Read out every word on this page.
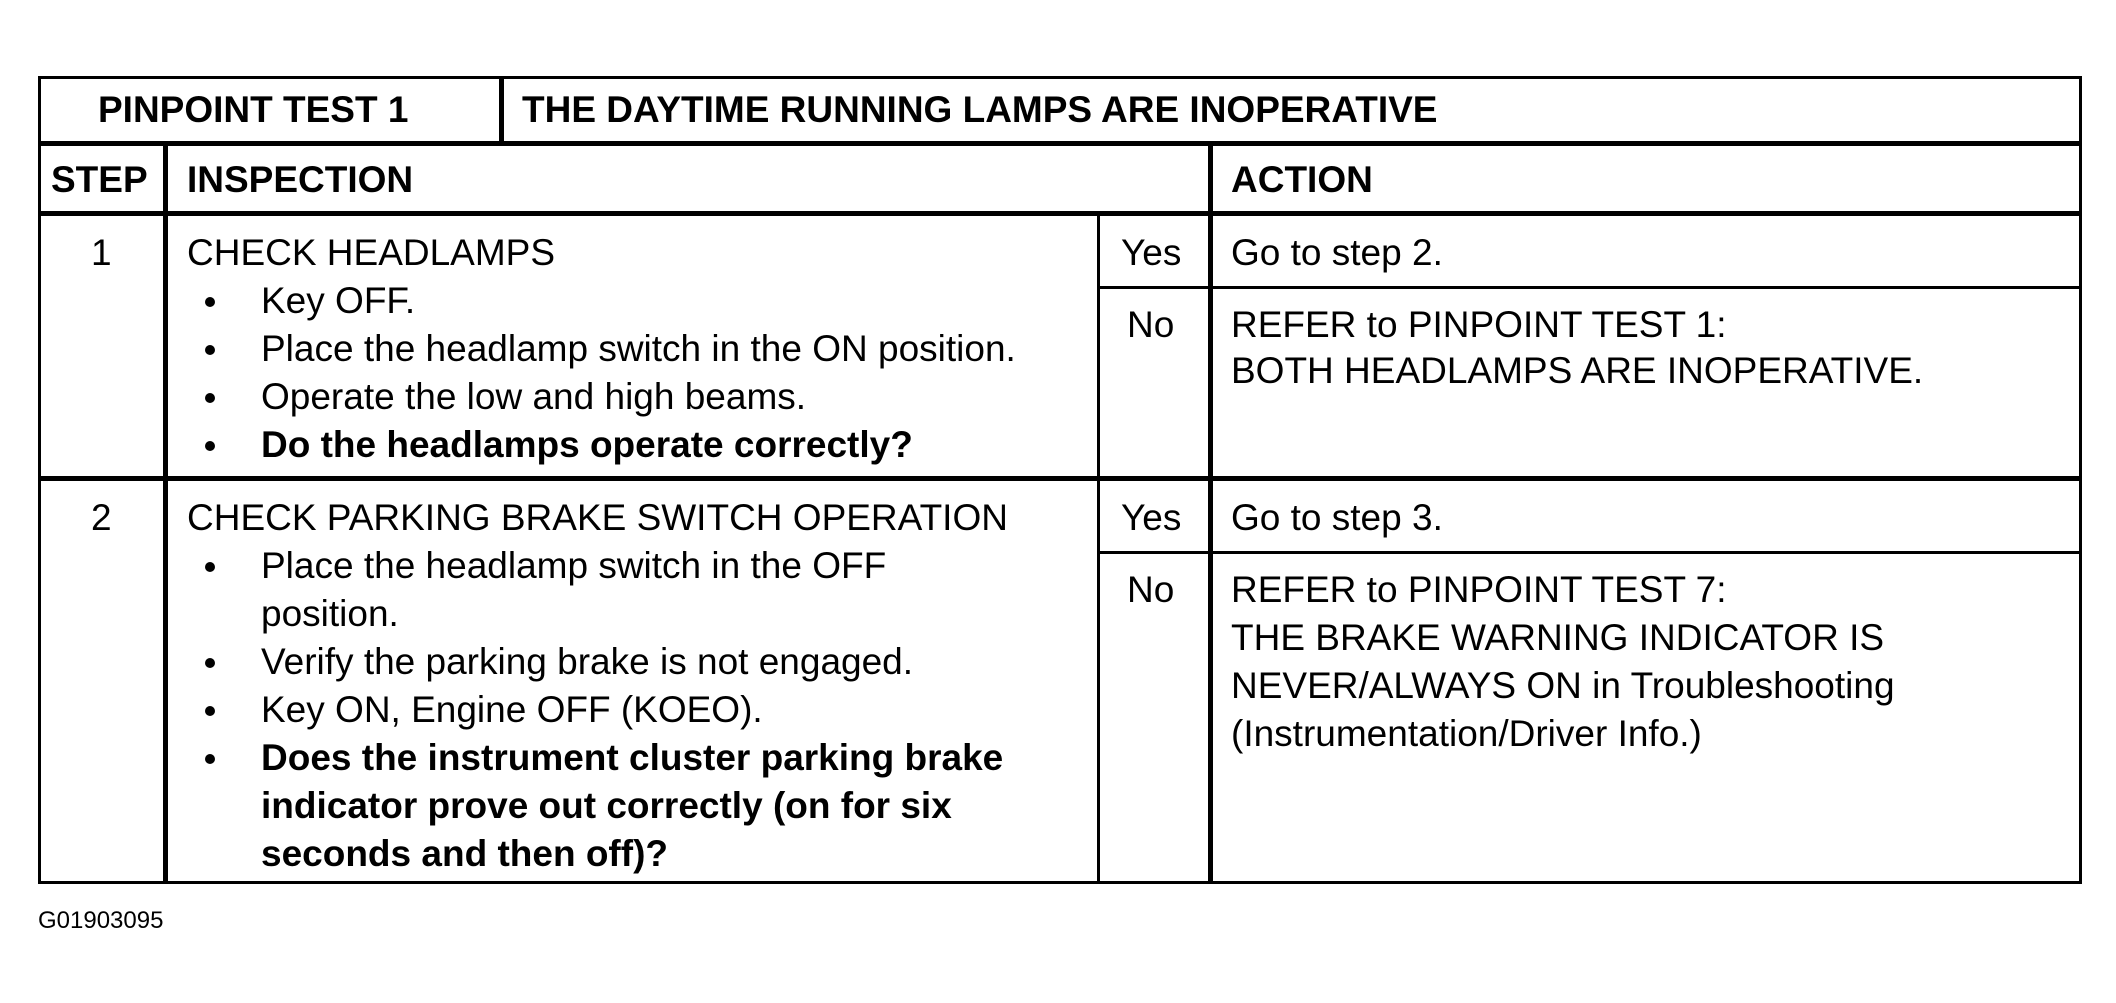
PINPOINT TEST 1	THE DAYTIME RUNNING LAMPS ARE INOPERATIVE
STEP INSPECTION	ACTION
1 CHECK HEADLAMPS
Key OFF.
Place the headlamp switch in the ON position.
Operate the low and high beams.
Do the headlamps operate correctly?
Yes Go to step 2.
No REFER to PINPOINT TEST 1:
BOTH HEADLAMPS ARE INOPERATIVE.
2 CHECK PARKING BRAKE SWITCH OPERATION
Place the headlamp switch in the OFF
position.
Verify the parking brake is not engaged.
Key ON, Engine OFF (KOEO).
Does the instrument cluster parking brake
indicator prove out correctly (on for six
seconds and then off)?
Yes Go to step 3.
No REFER to PINPOINT TEST 7:
THE BRAKE WARNING INDICATOR IS
NEVER/ALWAYS ON in Troubleshooting
(Instrumentation/Driver Info.)
G01903095
